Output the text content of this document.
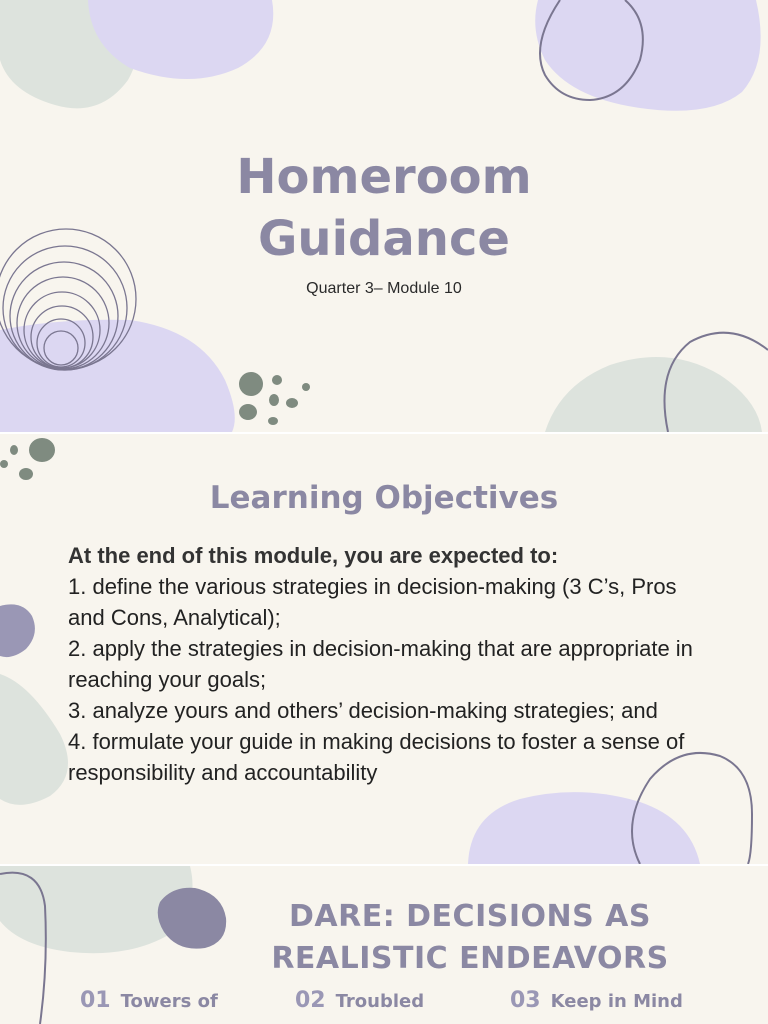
Homeroom
Guidance
Quarter 3– Module 10
Learning Objectives
At the end of this module, you are expected to:
1. define the various strategies in decision-making (3 C’s, Pros and Cons, Analytical);
2. apply the strategies in decision-making that are appropriate in reaching your goals;
3. analyze yours and others’ decision-making strategies; and
4. formulate your guide in making decisions to foster a sense of responsibility and accountability
DARE: DECISIONS AS
REALISTIC ENDEAVORS
01 Towers of	02 Troubled	03 Keep in Mind
